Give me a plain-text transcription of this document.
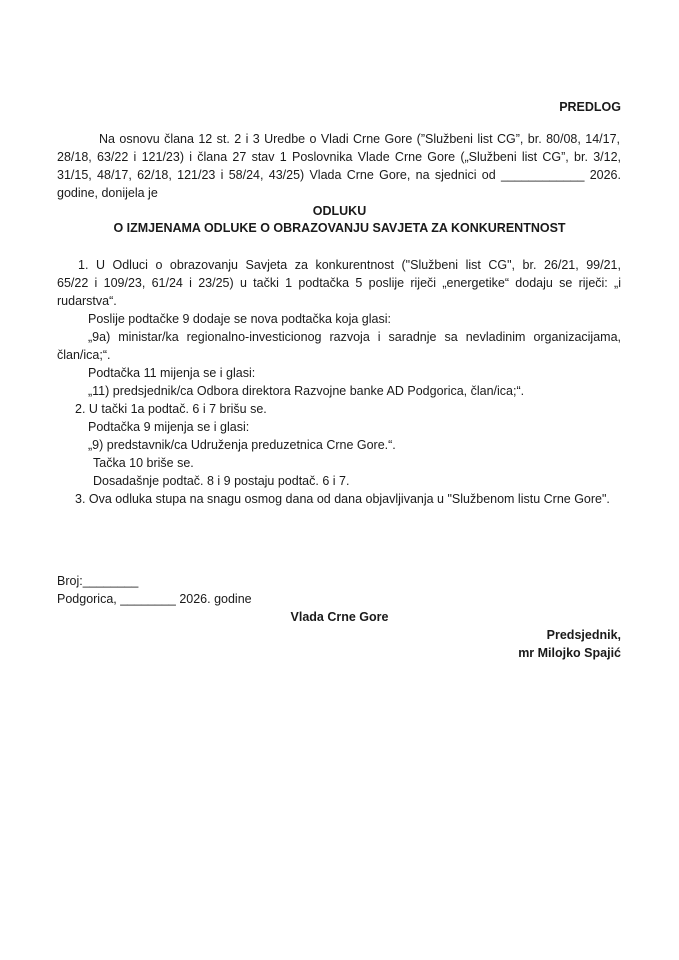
PREDLOG
Na osnovu člana 12 st. 2 i 3 Uredbe o Vladi Crne Gore (”Službeni list CG”, br. 80/08, 14/17,
28/18, 63/22 i 121/23) i člana 27 stav 1 Poslovnika Vlade Crne Gore („Službeni list CG”, br. 3/12,
31/15, 48/17, 62/18, 121/23 i 58/24, 43/25) Vlada Crne Gore, na sjednici od ____________ 2026.
godine, donijela je
ODLUKU
O IZMJENAMA ODLUKE O OBRAZOVANJU SAVJETA ZA KONKURENTNOST
1. U Odluci o obrazovanju Savjeta za konkurentnost ("Službeni list CG", br. 26/21, 99/21,
65/22 i 109/23, 61/24 i 23/25) u tački 1 podtačka 5 poslije riječi „energetike“ dodaju se riječi: „i
rudarstva“.
Poslije podtačke 9 dodaje se nova podtačka koja glasi:
„9a) ministar/ka regionalno-investicionog razvoja i saradnje sa nevladinim organizacijama,
član/ica;“.
Podtačka 11 mijenja se i glasi:
„11) predsjednik/ca Odbora direktora Razvojne banke AD Podgorica, član/ica;“.
2. U tački 1a podtač. 6 i 7 brišu se.
Podtačka 9 mijenja se i glasi:
„9) predstavnik/ca Udruženja preduzetnica Crne Gore.“.
Tačka 10 briše se.
Dosadašnje podtač. 8 i 9 postaju podtač. 6 i 7.
3. Ova odluka stupa na snagu osmog dana od dana objavljivanja u "Službenom listu Crne Gore".
Broj:________
Podgorica, ________ 2026. godine
Vlada Crne Gore
Predsjednik,
mr Milojko Spajić
